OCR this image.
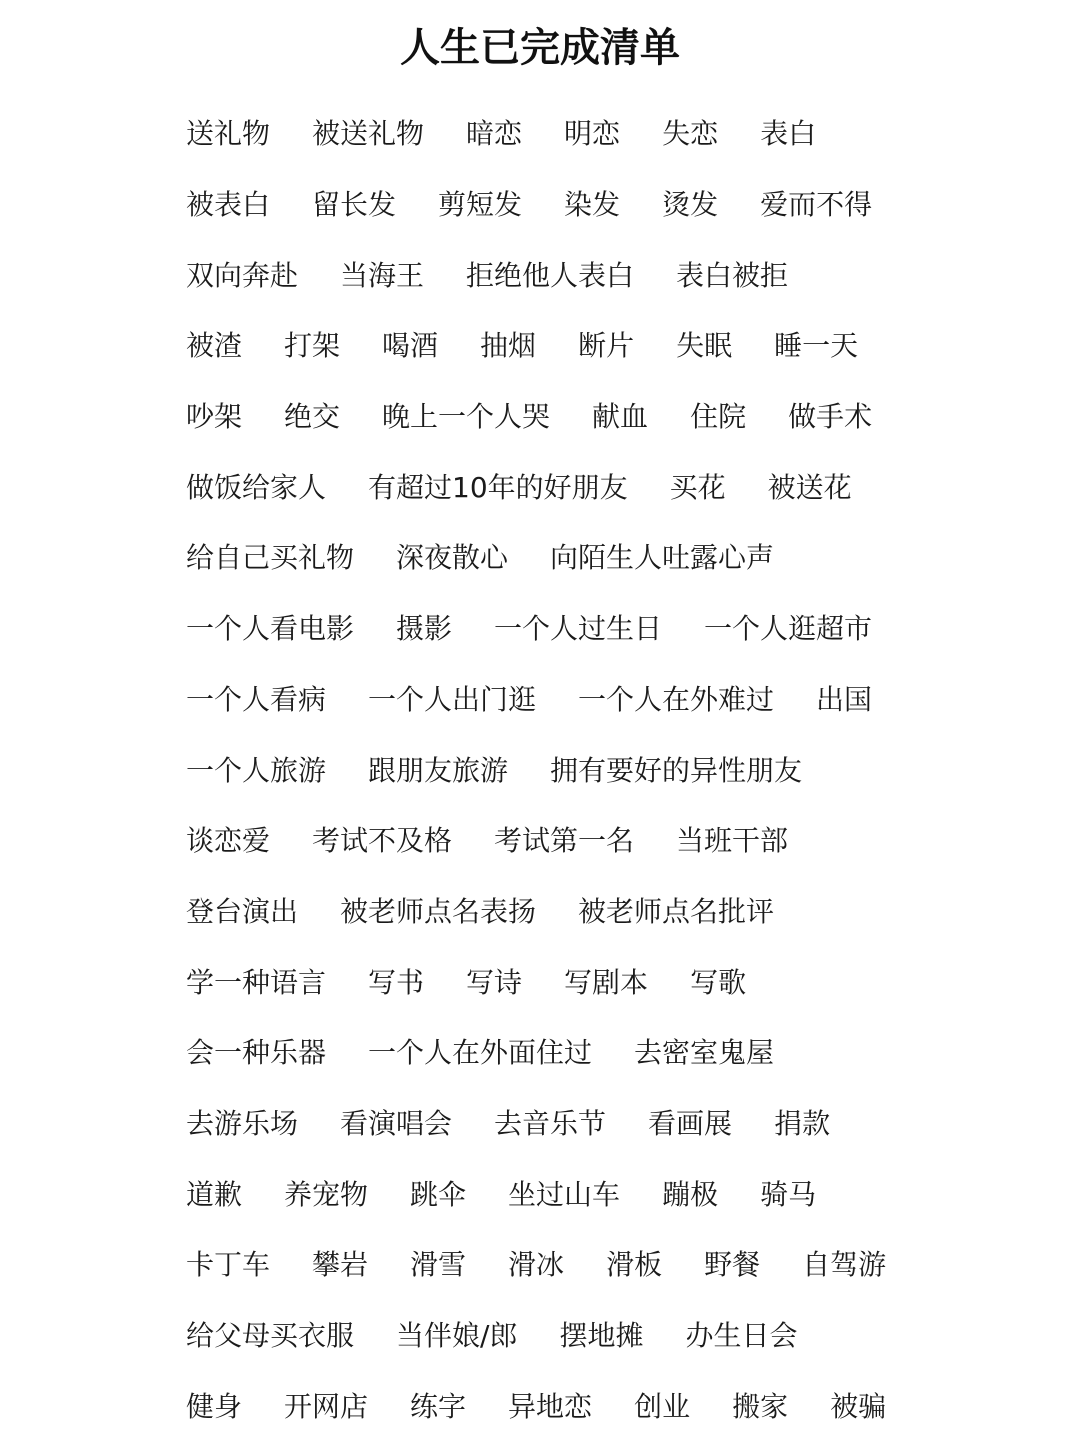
人生已完成清单
送礼物 被送礼物 暗恋 明恋 失恋 表白
被表白 留长发 剪短发 染发 烫发 爱而不得
双向奔赴 当海王 拒绝他人表白 表白被拒
被渣 打架 喝酒 抽烟 断片 失眠 睡一天
吵架 绝交 晚上一个人哭 献血 住院 做手术
做饭给家人 有超过10年的好朋友 买花 被送花
给自己买礼物 深夜散心 向陌生人吐露心声
一个人看电影 摄影 一个人过生日 一个人逛超市
一个人看病 一个人出门逛 一个人在外难过 出国
一个人旅游 跟朋友旅游 拥有要好的异性朋友
谈恋爱 考试不及格 考试第一名 当班干部
登台演出 被老师点名表扬 被老师点名批评
学一种语言 写书 写诗 写剧本 写歌
会一种乐器 一个人在外面住过 去密室鬼屋
去游乐场 看演唱会 去音乐节 看画展 捐款
道歉 养宠物 跳伞 坐过山车 蹦极 骑马
卡丁车 攀岩 滑雪 滑冰 滑板 野餐 自驾游
给父母买衣服 当伴娘/郎 摆地摊 办生日会
健身 开网店 练字 异地恋 创业 搬家 被骗
